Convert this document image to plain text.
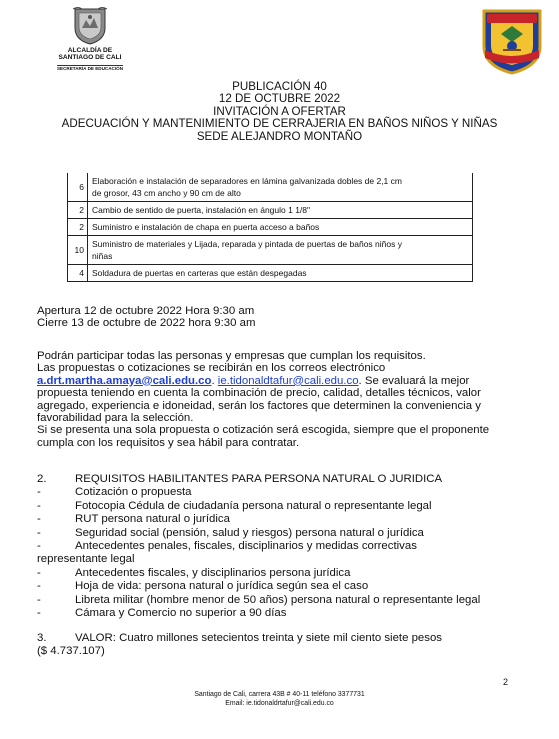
ALCALDÍA DE
SANTIAGO DE CALI
SECRETARÍA DE EDUCACIÓN
PUBLICACIÓN 40
12 DE OCTUBRE 2022
INVITACIÓN A OFERTAR
ADECUACIÓN Y MANTENIMIENTO DE CERRAJERIA EN BAÑOS NIÑOS Y NIÑAS
SEDE ALEJANDRO MONTAÑO
6	Elaboración e instalación de separadores en lámina galvanizada dobles de 2,1 cm
de grosor, 43 cm ancho y 90 cm de alto
2	Cambio de sentido de puerta, instalación en ángulo 1 1/8"
2	Suministro e instalación de chapa en puerta acceso a baños
10	Suministro de materiales y Lijada, reparada y pintada de puertas de baños niños y
niñas
4	Soldadura de puertas en carteras que están despegadas
Apertura 12 de octubre 2022 Hora 9:30 am
Cierre 13 de octubre de 2022 hora 9:30 am
Podrán participar todas las personas y empresas que cumplan los requisitos.
Las propuestas o cotizaciones se recibirán en los correos electrónico
a.drt.martha.amaya@cali.edu.co. ie.tidonaldtafur@cali.edu.co. Se evaluará la mejor
propuesta teniendo en cuenta la combinación de precio, calidad, detalles técnicos, valor
agregado, experiencia e idoneidad, serán los factores que determinen la conveniencia y
favorabilidad para la selección.
Si se presenta una sola propuesta o cotización será escogida, siempre que el proponente
cumpla con los requisitos y sea hábil para contratar.
2.	REQUISITOS HABILITANTES PARA PERSONA NATURAL O JURIDICA
-	Cotización o propuesta
-	Fotocopia Cédula de ciudadanía persona natural o representante legal
-	RUT persona natural o jurídica
-	Seguridad social (pensión, salud y riesgos) persona natural o jurídica
-	Antecedentes penales, fiscales, disciplinarios y medidas correctivas
representante legal
-	Antecedentes fiscales, y disciplinarios persona jurídica
-	Hoja de vida: persona natural o jurídica según sea el caso
-	Libreta militar (hombre menor de 50 años) persona natural o representante legal
-	Cámara y Comercio no superior a 90 días
3.	VALOR: Cuatro millones setecientos treinta y siete mil ciento siete pesos
($ 4.737.107)
2
Santiago de Cali, carrera 43B # 40-11 teléfono 3377731
Email: ie.tidonaldrtafur@cali.edu.co
